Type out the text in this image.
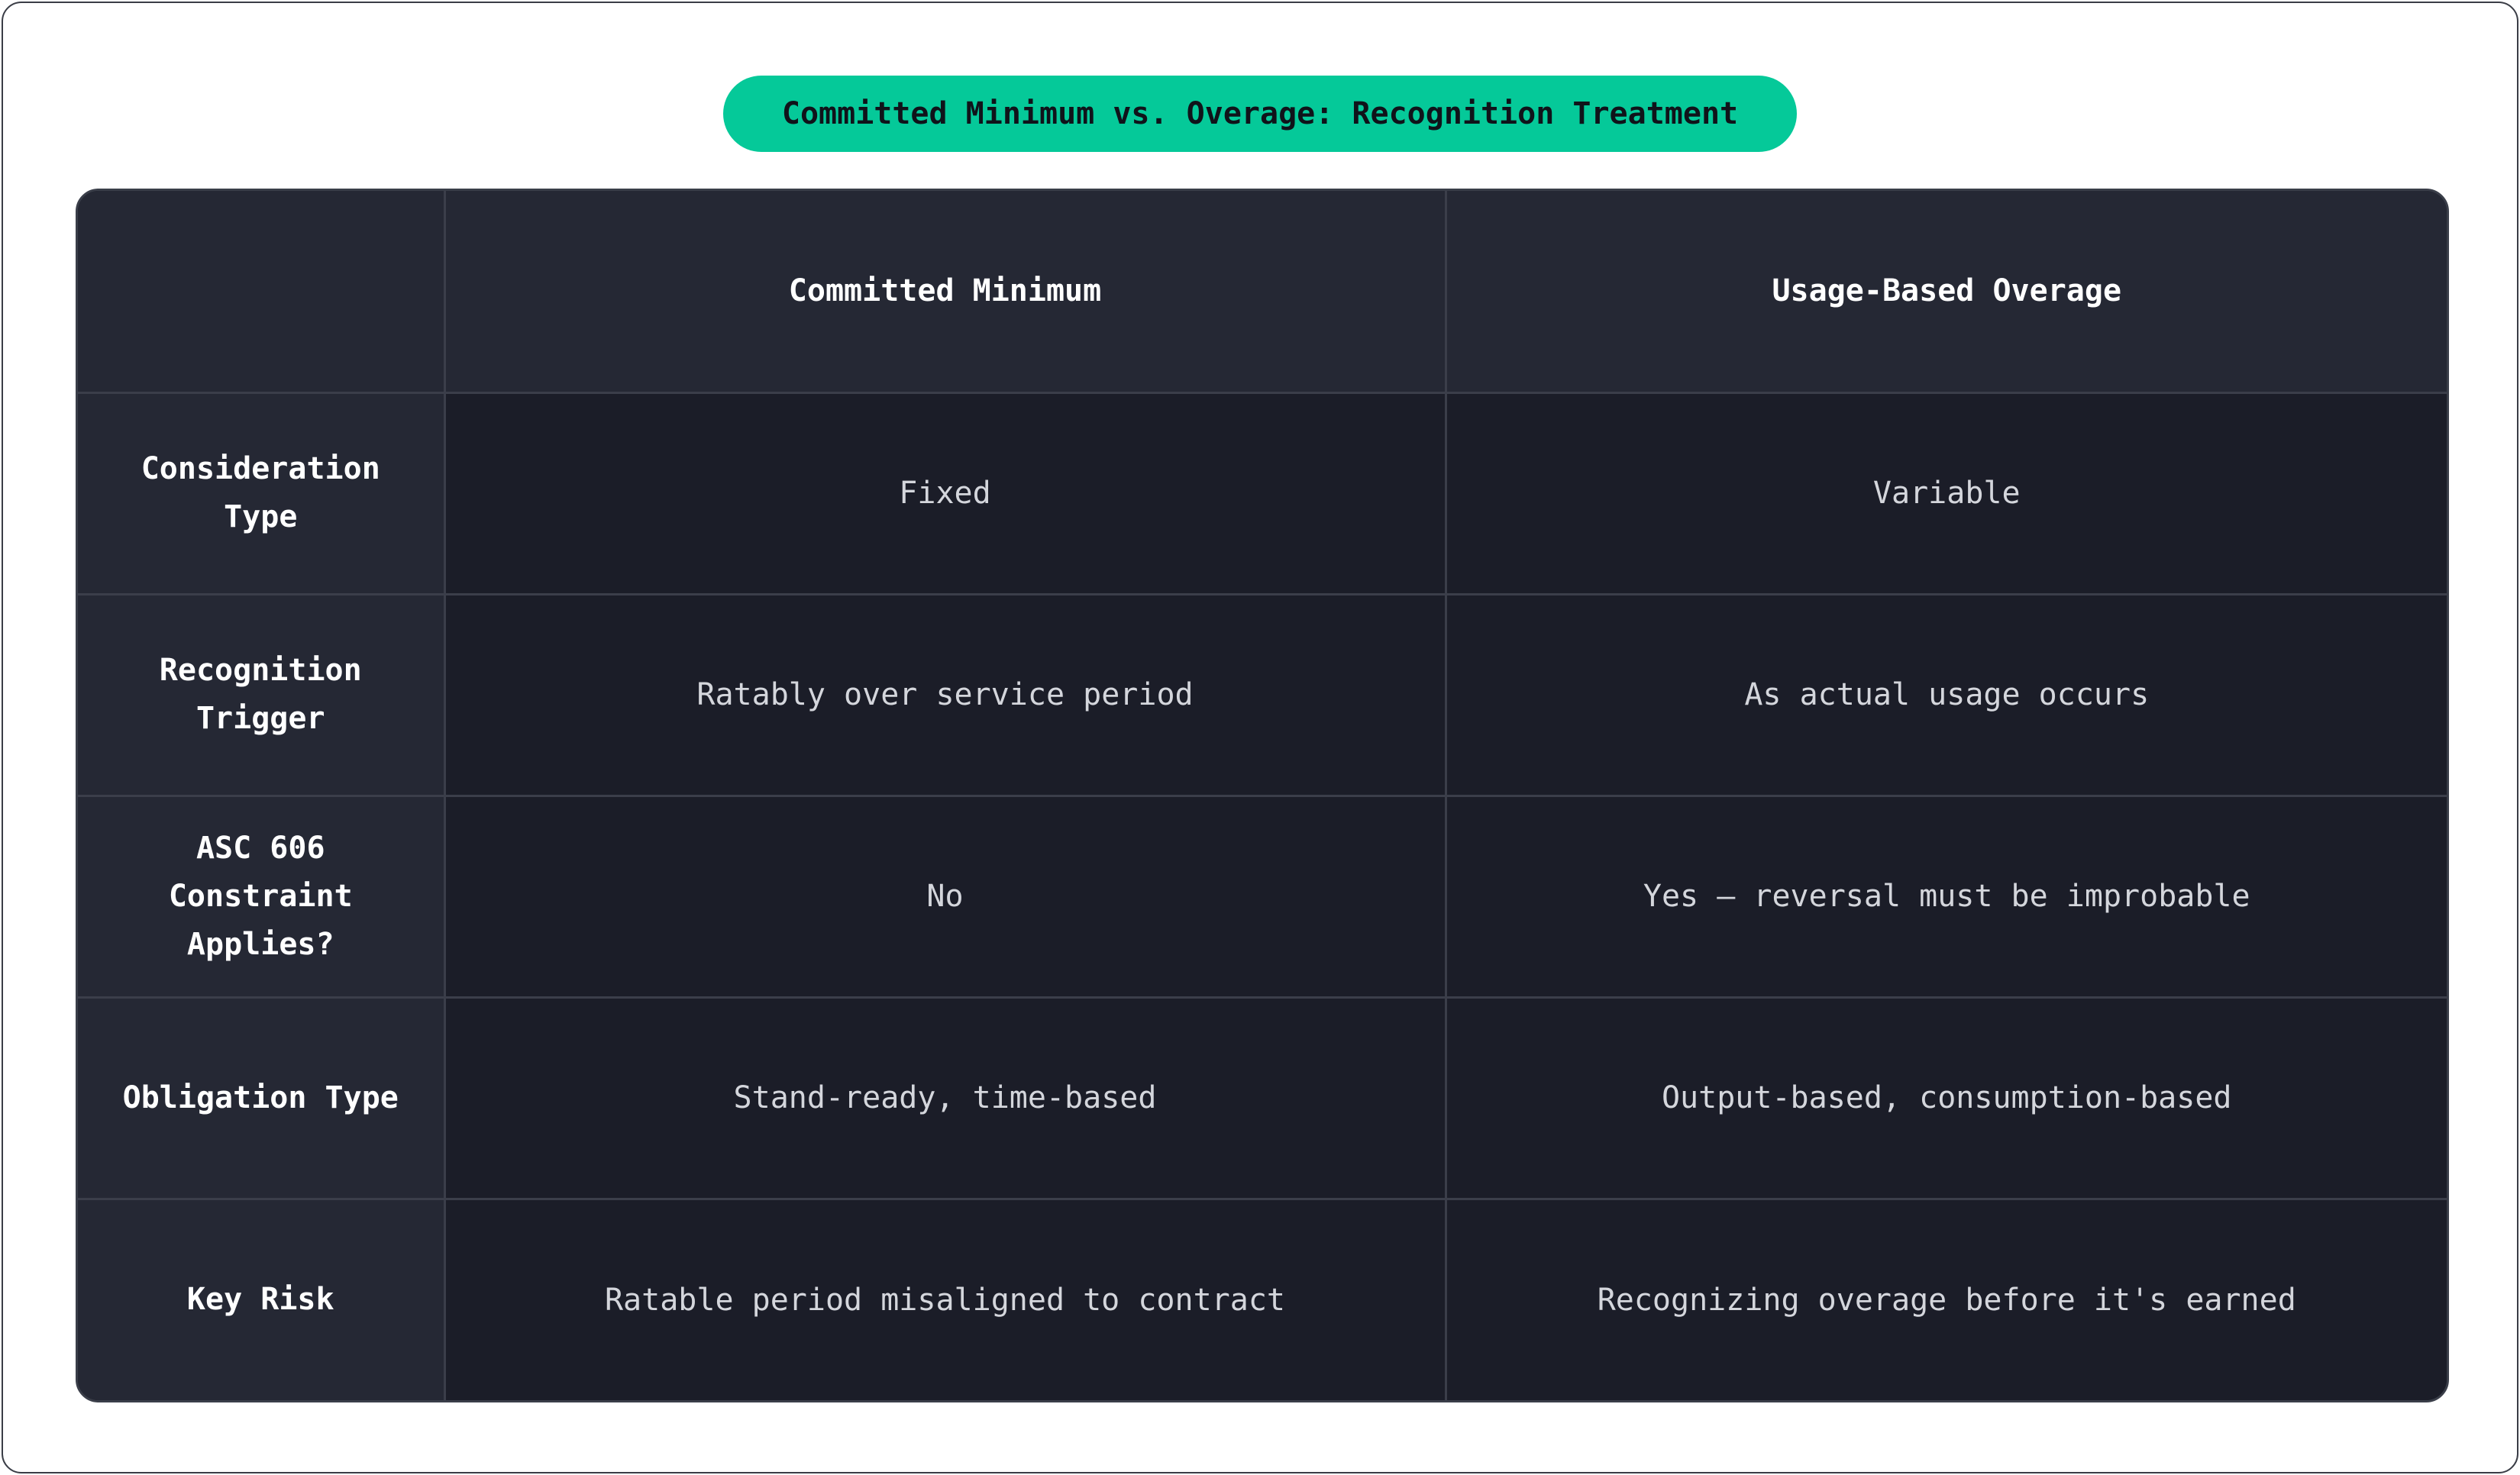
Committed Minimum vs. Overage: Recognition Treatment
	Committed Minimum	Usage-Based Overage
Consideration Type	Fixed	Variable
Recognition Trigger	Ratably over service period	As actual usage occurs
ASC 606 Constraint Applies?	No	Yes — reversal must be improbable
Obligation Type	Stand-ready, time-based	Output-based, consumption-based
Key Risk	Ratable period misaligned to contract	Recognizing overage before it's earned
